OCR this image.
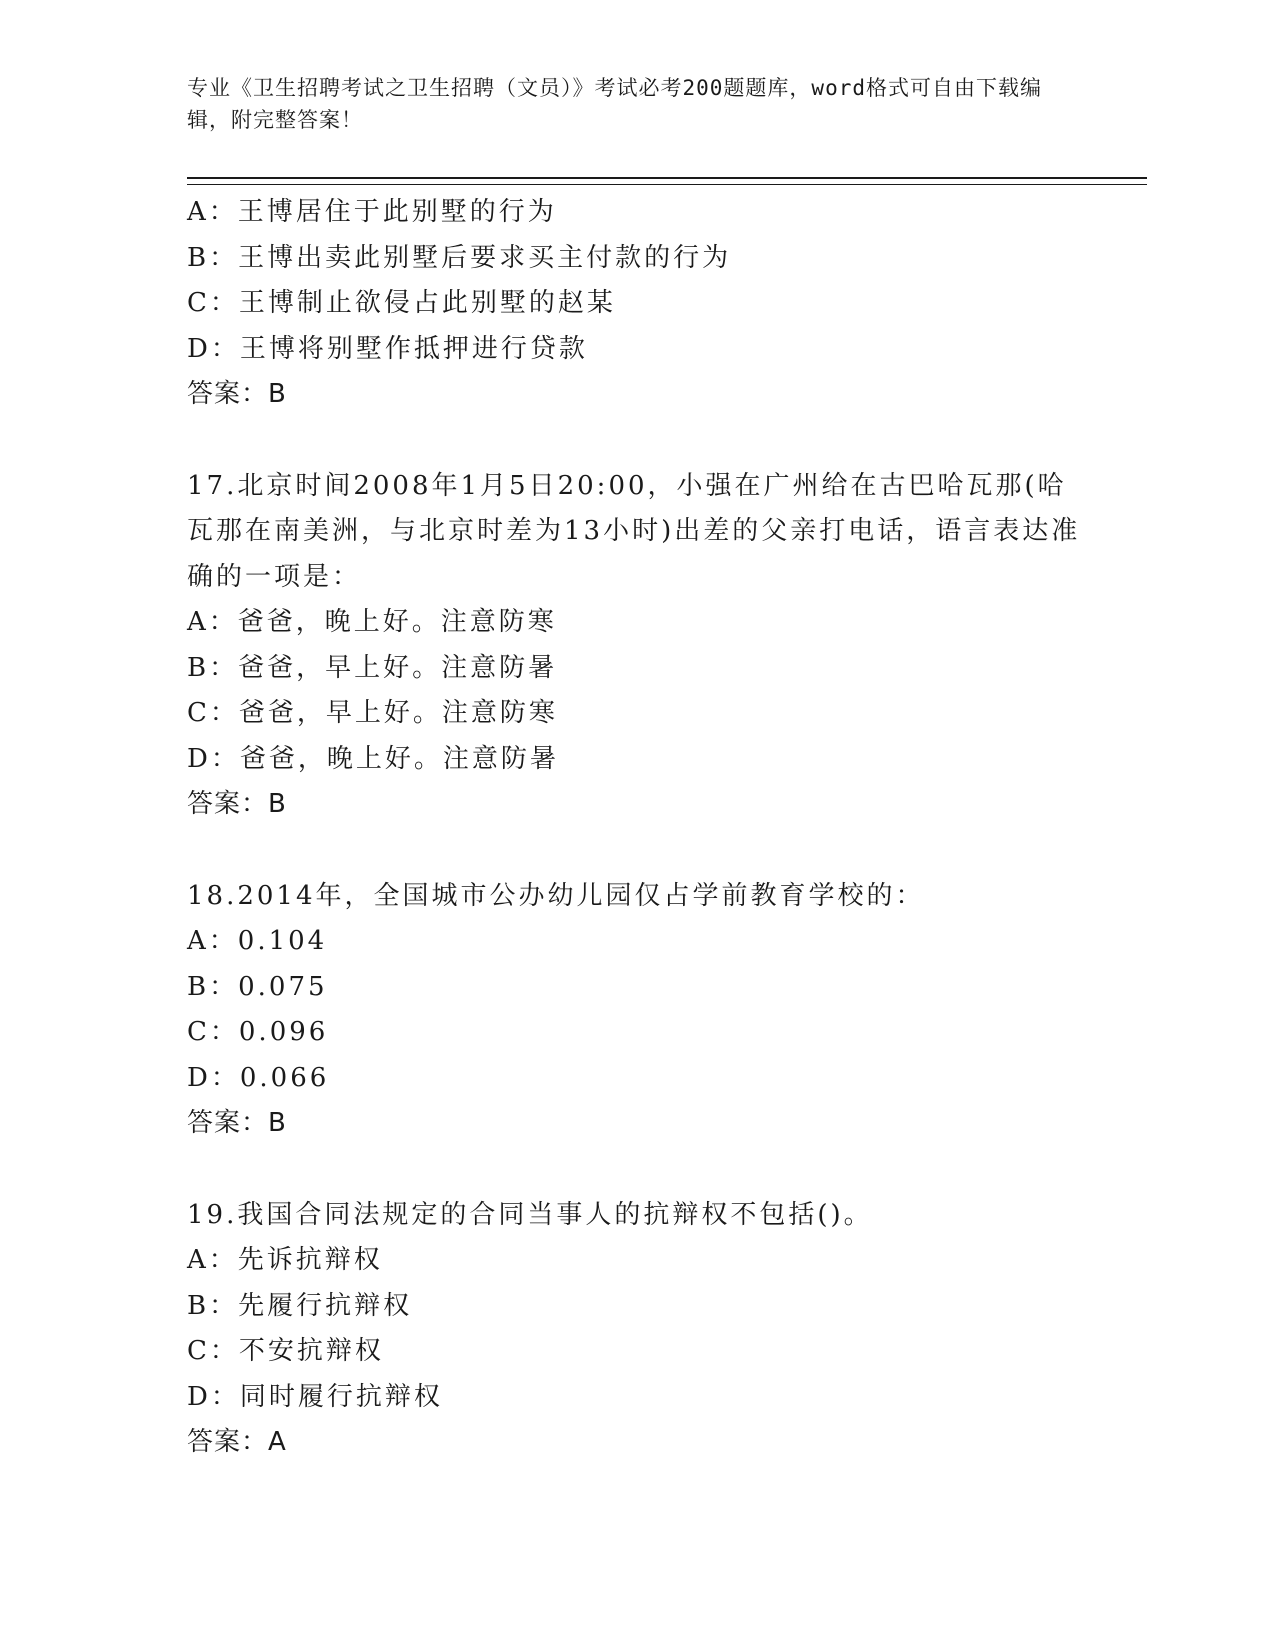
专业《卫生招聘考试之卫生招聘（文员）》考试必考200题题库，word格式可自由下载编辑，附完整答案！
A：王博居住于此别墅的行为
B：王博出卖此别墅后要求买主付款的行为
C：王博制止欲侵占此别墅的赵某
D：王博将别墅作抵押进行贷款
答案：B
17.北京时间2008年1月5日20:00，小强在广州给在古巴哈瓦那(哈瓦那在南美洲，与北京时差为13小时)出差的父亲打电话，语言表达准确的一项是：
A：爸爸，晚上好。注意防寒
B：爸爸，早上好。注意防暑
C：爸爸，早上好。注意防寒
D：爸爸，晚上好。注意防暑
答案：B
18.2014年，全国城市公办幼儿园仅占学前教育学校的：
A：0.104
B：0.075
C：0.096
D：0.066
答案：B
19.我国合同法规定的合同当事人的抗辩权不包括()。
A：先诉抗辩权
B：先履行抗辩权
C：不安抗辩权
D：同时履行抗辩权
答案：A
